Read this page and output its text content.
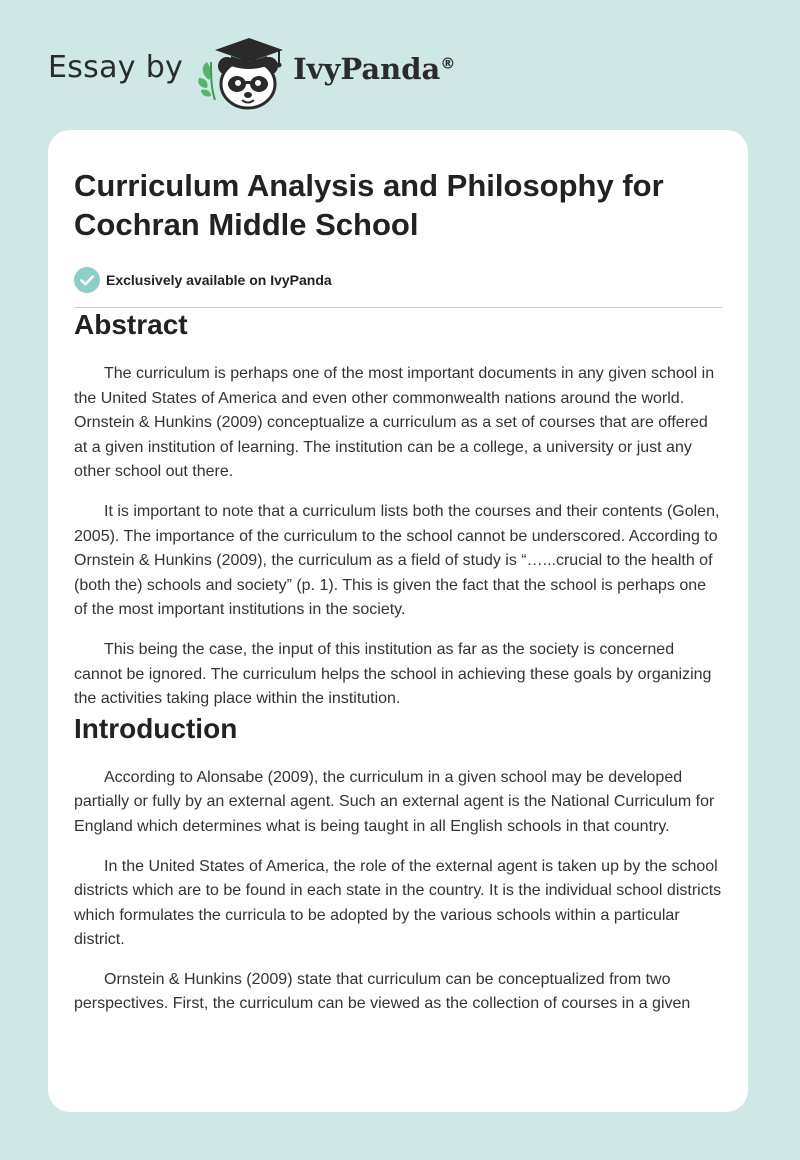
Essay by	IvyPanda®
Curriculum Analysis and Philosophy for Cochran Middle School
Exclusively available on IvyPanda
Abstract

The curriculum is perhaps one of the most important documents in any given school in the United States of America and even other commonwealth nations around the world. Ornstein & Hunkins (2009) conceptualize a curriculum as a set of courses that are offered at a given institution of learning. The institution can be a college, a university or just any other school out there.

It is important to note that a curriculum lists both the courses and their contents (Golen, 2005). The importance of the curriculum to the school cannot be underscored. According to Ornstein & Hunkins (2009), the curriculum as a field of study is “…...crucial to the health of (both the) schools and society” (p. 1). This is given the fact that the school is perhaps one of the most important institutions in the society.

This being the case, the input of this institution as far as the society is concerned cannot be ignored. The curriculum helps the school in achieving these goals by organizing the activities taking place within the institution.

Introduction

According to Alonsabe (2009), the curriculum in a given school may be developed partially or fully by an external agent. Such an external agent is the National Curriculum for England which determines what is being taught in all English schools in that country.

In the United States of America, the role of the external agent is taken up by the school districts which are to be found in each state in the country. It is the individual school districts which formulates the curricula to be adopted by the various schools within a particular district.

Ornstein & Hunkins (2009) state that curriculum can be conceptualized from two perspectives. First, the curriculum can be viewed as the collection of courses in a given
